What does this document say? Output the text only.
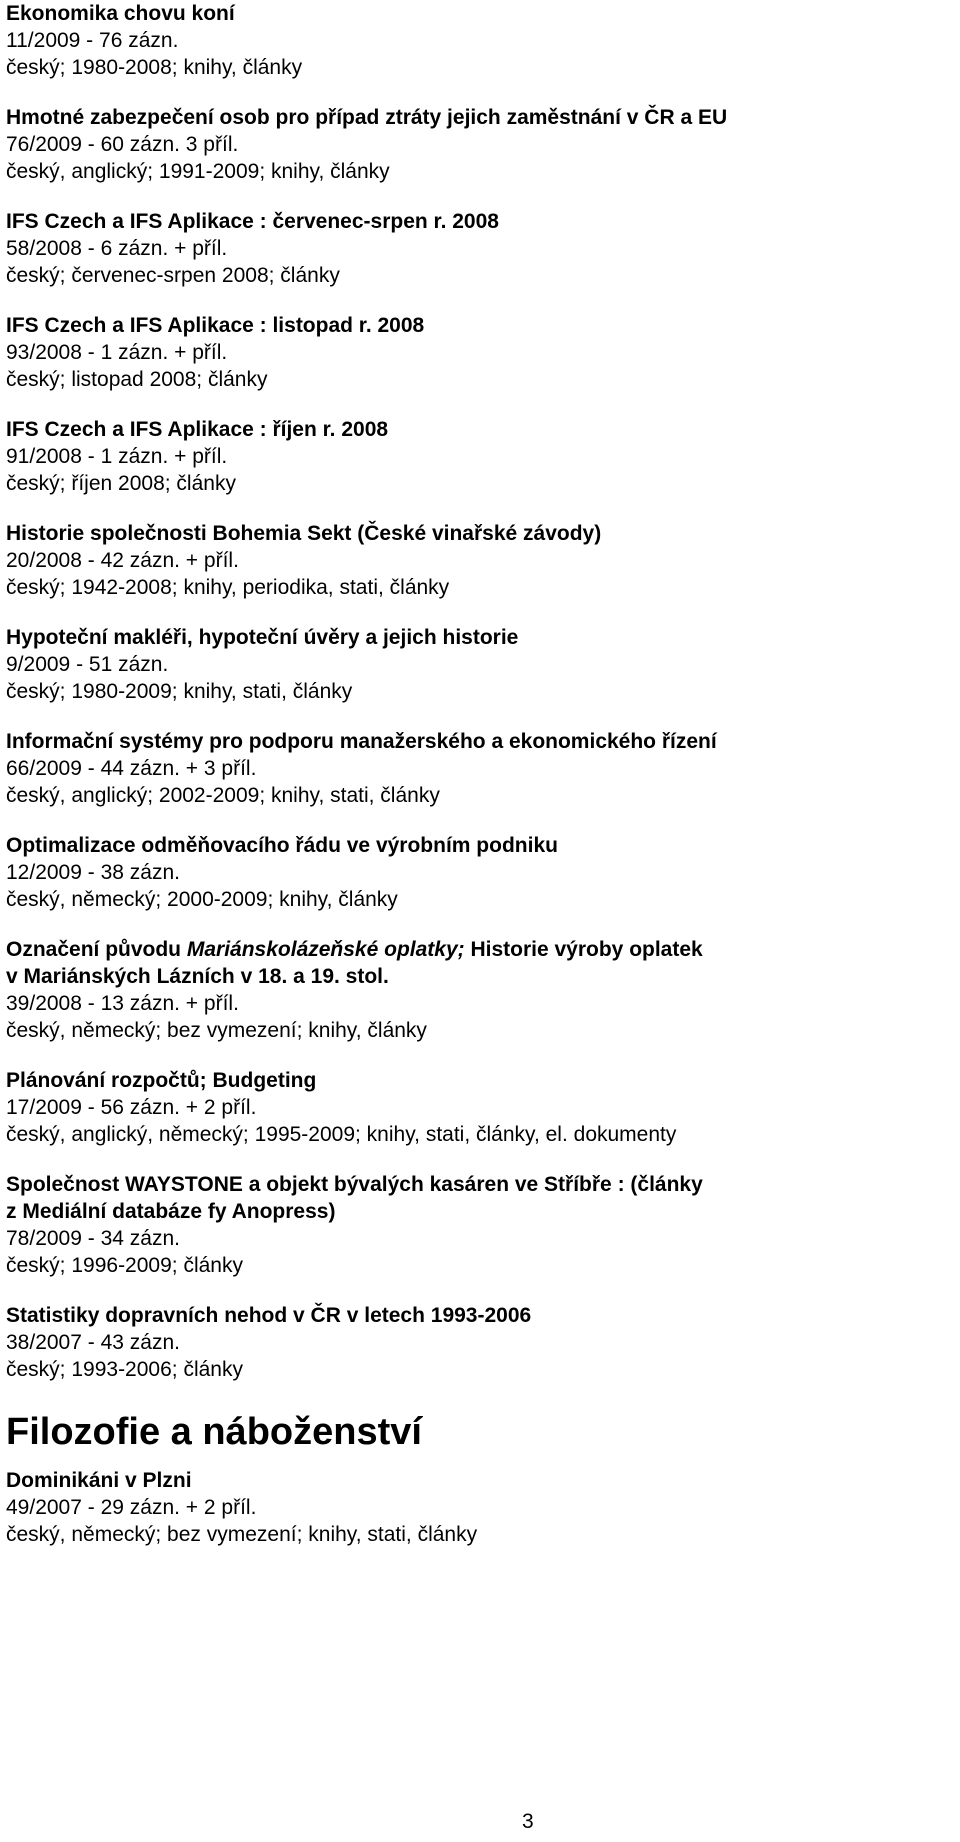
Ekonomika chovu koní
11/2009 - 76 zázn.
český; 1980-2008; knihy, články
Hmotné zabezpečení osob pro případ ztráty jejich zaměstnání v ČR a EU
76/2009 - 60 zázn. 3 příl.
český, anglický; 1991-2009; knihy, články
IFS Czech a IFS Aplikace : červenec-srpen r. 2008
58/2008 - 6 zázn. + příl.
český; červenec-srpen 2008; články
IFS Czech a IFS Aplikace : listopad r. 2008
93/2008 - 1 zázn. + příl.
český; listopad 2008; články
IFS Czech a IFS Aplikace : říjen r. 2008
91/2008 - 1 zázn. + příl.
český; říjen 2008; články
Historie společnosti Bohemia Sekt (České vinařské závody)
20/2008 - 42 zázn. + příl.
český; 1942-2008; knihy, periodika, stati, články
Hypoteční makléři, hypoteční úvěry a jejich historie
9/2009 - 51 zázn.
český; 1980-2009; knihy, stati, články
Informační systémy pro podporu manažerského a ekonomického řízení
66/2009 - 44 zázn. + 3 příl.
český, anglický; 2002-2009; knihy, stati, články
Optimalizace odměňovacího řádu ve výrobním podniku
12/2009 - 38 zázn.
český, německý; 2000-2009; knihy, články
Označení původu Mariánskolázeňské oplatky; Historie výroby oplatek
v Mariánských Lázních v 18. a 19. stol.
39/2008 - 13 zázn. + příl.
český, německý; bez vymezení; knihy, články
Plánování rozpočtů; Budgeting
17/2009 - 56 zázn. + 2 příl.
český, anglický, německý; 1995-2009; knihy, stati, články, el. dokumenty
Společnost WAYSTONE a objekt bývalých kasáren ve Stříbře : (články
z Mediální databáze fy Anopress)
78/2009 - 34 zázn.
český; 1996-2009; články
Statistiky dopravních nehod v ČR v letech 1993-2006
38/2007 - 43 zázn.
český; 1993-2006; články
Filozofie a náboženství
Dominikáni v Plzni
49/2007 - 29 zázn. + 2 příl.
český, německý; bez vymezení; knihy, stati, články
3
